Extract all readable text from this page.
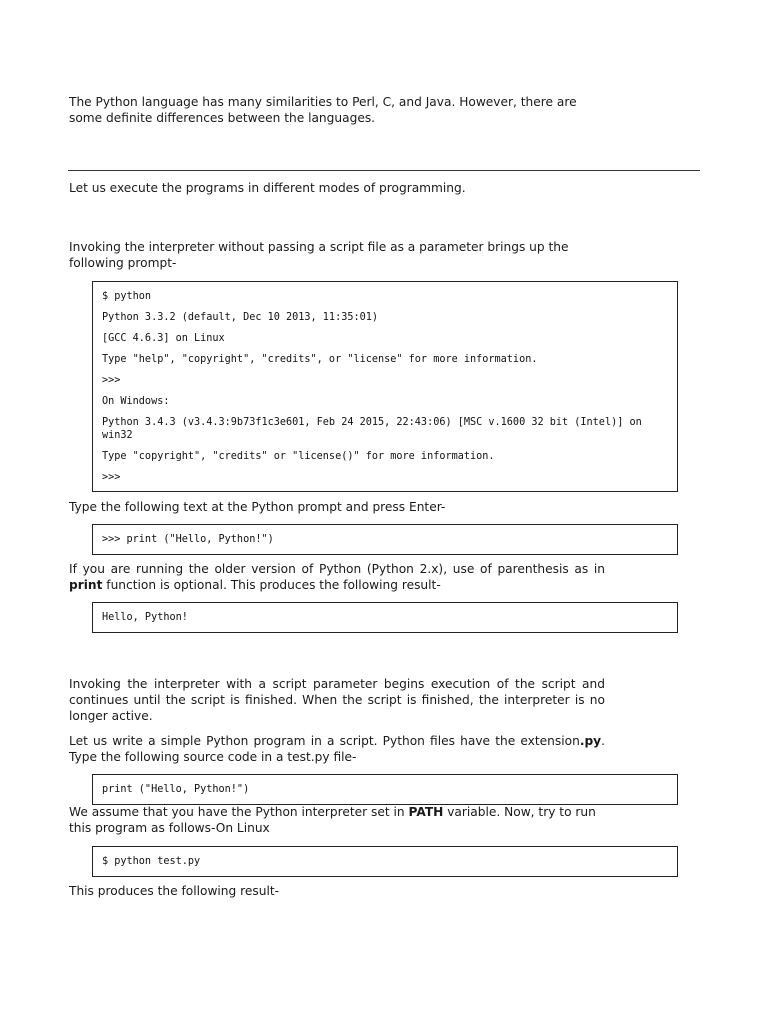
The Python language has many similarities to Perl, C, and Java. However, there are some definite differences between the languages.

Let us execute the programs in different modes of programming.

Invoking the interpreter without passing a script file as a parameter brings up the following prompt-

$ python
Python 3.3.2 (default, Dec 10 2013, 11:35:01)
[GCC 4.6.3] on Linux
Type "help", "copyright", "credits", or "license" for more information.
>>>
On Windows:
Python 3.4.3 (v3.4.3:9b73f1c3e601, Feb 24 2015, 22:43:06) [MSC v.1600 32 bit (Intel)] on win32
Type "copyright", "credits" or "license()" for more information.
>>>

Type the following text at the Python prompt and press Enter-

>>> print ("Hello, Python!")

If you are running the older version of Python (Python 2.x), use of parenthesis as in print function is optional. This produces the following result-

Hello, Python!

Invoking the interpreter with a script parameter begins execution of the script and continues until the script is finished. When the script is finished, the interpreter is no longer active.

Let us write a simple Python program in a script. Python files have the extension.py. Type the following source code in a test.py file-

print ("Hello, Python!")

We assume that you have the Python interpreter set in PATH variable. Now, try to run this program as follows-On Linux

$ python test.py

This produces the following result-
